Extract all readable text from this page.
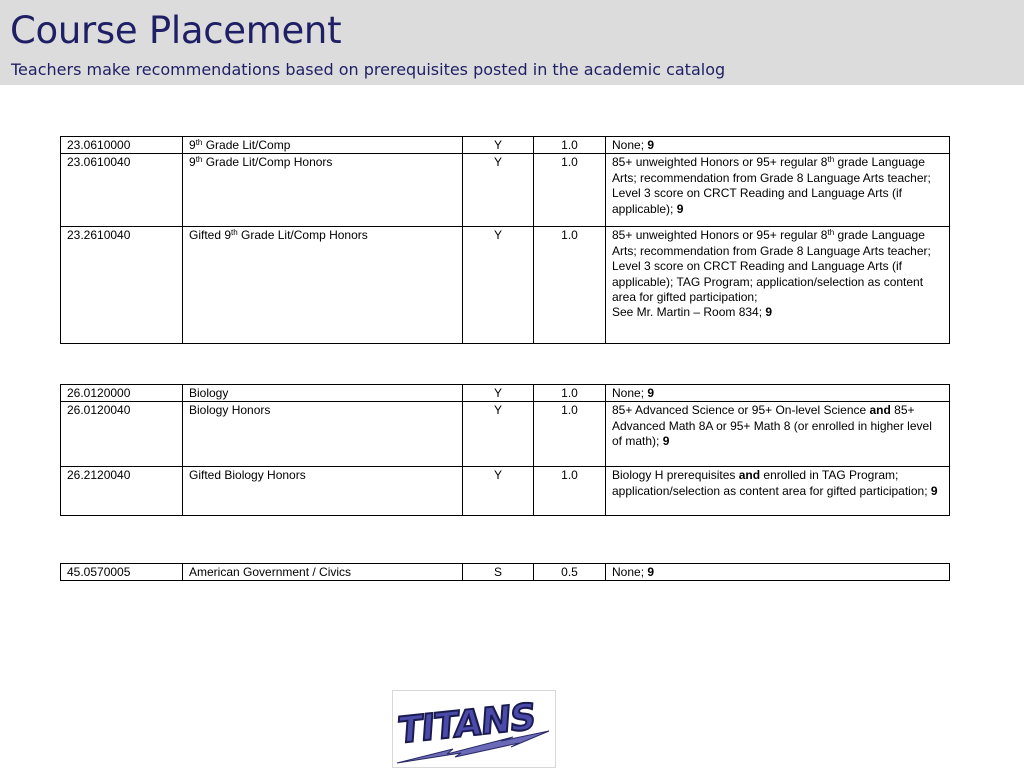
Course Placement
Teachers make recommendations based on prerequisites posted in the academic catalog
23.0610000	9th Grade Lit/Comp	Y	1.0	None; 9
23.0610040	9th Grade Lit/Comp Honors	Y	1.0	85+ unweighted Honors or 95+ regular 8th grade Language Arts; recommendation from Grade 8 Language Arts teacher; Level 3 score on CRCT Reading and Language Arts (if applicable); 9
23.2610040	Gifted 9th Grade Lit/Comp Honors	Y	1.0	85+ unweighted Honors or 95+ regular 8th grade Language Arts; recommendation from Grade 8 Language Arts teacher; Level 3 score on CRCT Reading and Language Arts (if applicable); TAG Program; application/selection as content area for gifted participation;
See Mr. Martin – Room 834; 9
26.0120000	Biology	Y	1.0	None; 9
26.0120040	Biology Honors	Y	1.0	85+ Advanced Science or 95+ On-level Science and 85+ Advanced Math 8A or 95+ Math 8 (or enrolled in higher level of math); 9
26.2120040	Gifted Biology Honors	Y	1.0	Biology H prerequisites and enrolled in TAG Program; application/selection as content area for gifted participation; 9
45.0570005	American Government / Civics	S	0.5	None; 9
TITANS
